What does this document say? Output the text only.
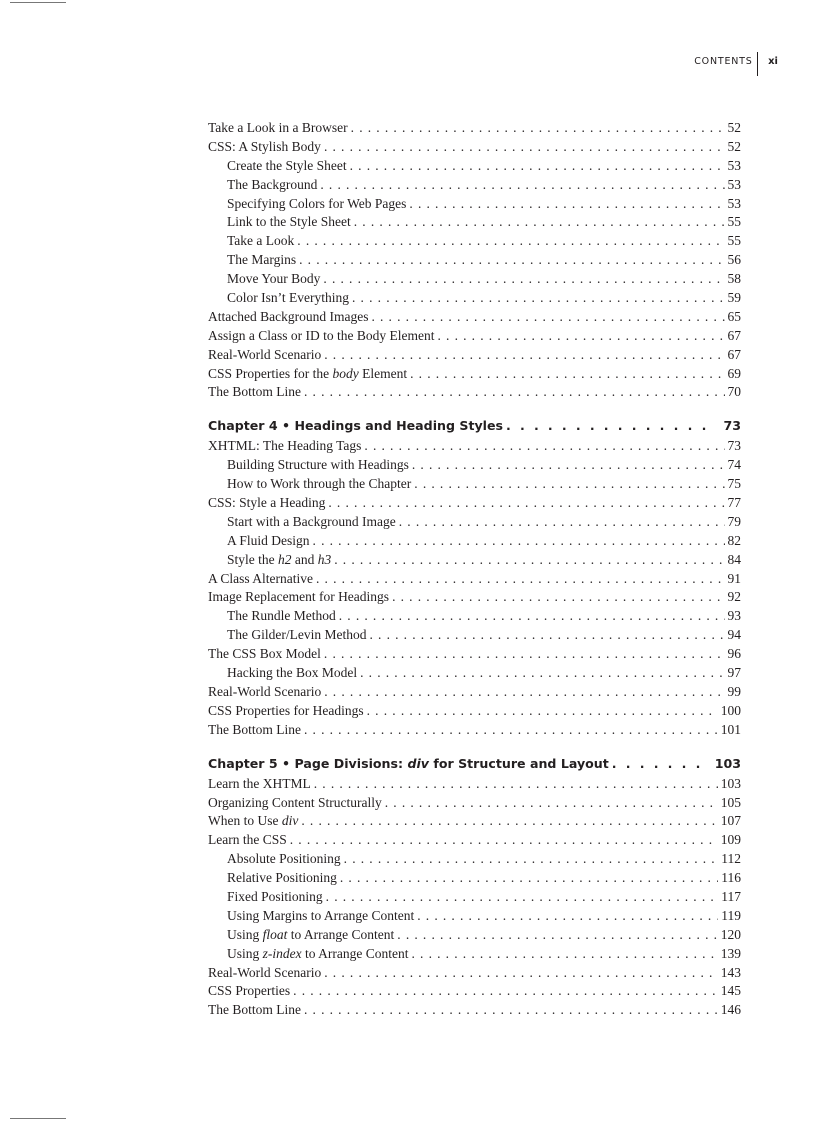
CONTENTS	xi
Take a Look in a Browser . . .	52
CSS: A Stylish Body . . .	52
Create the Style Sheet . . .	53
The Background . . .	53
Specifying Colors for Web Pages . . .	53
Link to the Style Sheet . . .	55
Take a Look . . .	55
The Margins . . .	56
Move Your Body . . .	58
Color Isn’t Everything . . .	59
Attached Background Images . . .	65
Assign a Class or ID to the Body Element . . .	67
Real-World Scenario . . .	67
CSS Properties for the body Element . . .	69
The Bottom Line . . .	70
Chapter 4 • Headings and Heading Styles . . .	73
XHTML: The Heading Tags . . .	73
Building Structure with Headings . . .	74
How to Work through the Chapter . . .	75
CSS: Style a Heading . . .	77
Start with a Background Image . . .	79
A Fluid Design . . .	82
Style the h2 and h3 . . .	84
A Class Alternative . . .	91
Image Replacement for Headings . . .	92
The Rundle Method . . .	93
The Gilder/Levin Method . . .	94
The CSS Box Model . . .	96
Hacking the Box Model . . .	97
Real-World Scenario . . .	99
CSS Properties for Headings . . .	100
The Bottom Line . . .	101
Chapter 5 • Page Divisions: div for Structure and Layout . . .	103
Learn the XHTML . . .	103
Organizing Content Structurally . . .	105
When to Use div . . .	107
Learn the CSS . . .	109
Absolute Positioning . . .	112
Relative Positioning . . .	116
Fixed Positioning . . .	117
Using Margins to Arrange Content . . .	119
Using float to Arrange Content . . .	120
Using z-index to Arrange Content . . .	139
Real-World Scenario . . .	143
CSS Properties . . .	145
The Bottom Line . . .	146
